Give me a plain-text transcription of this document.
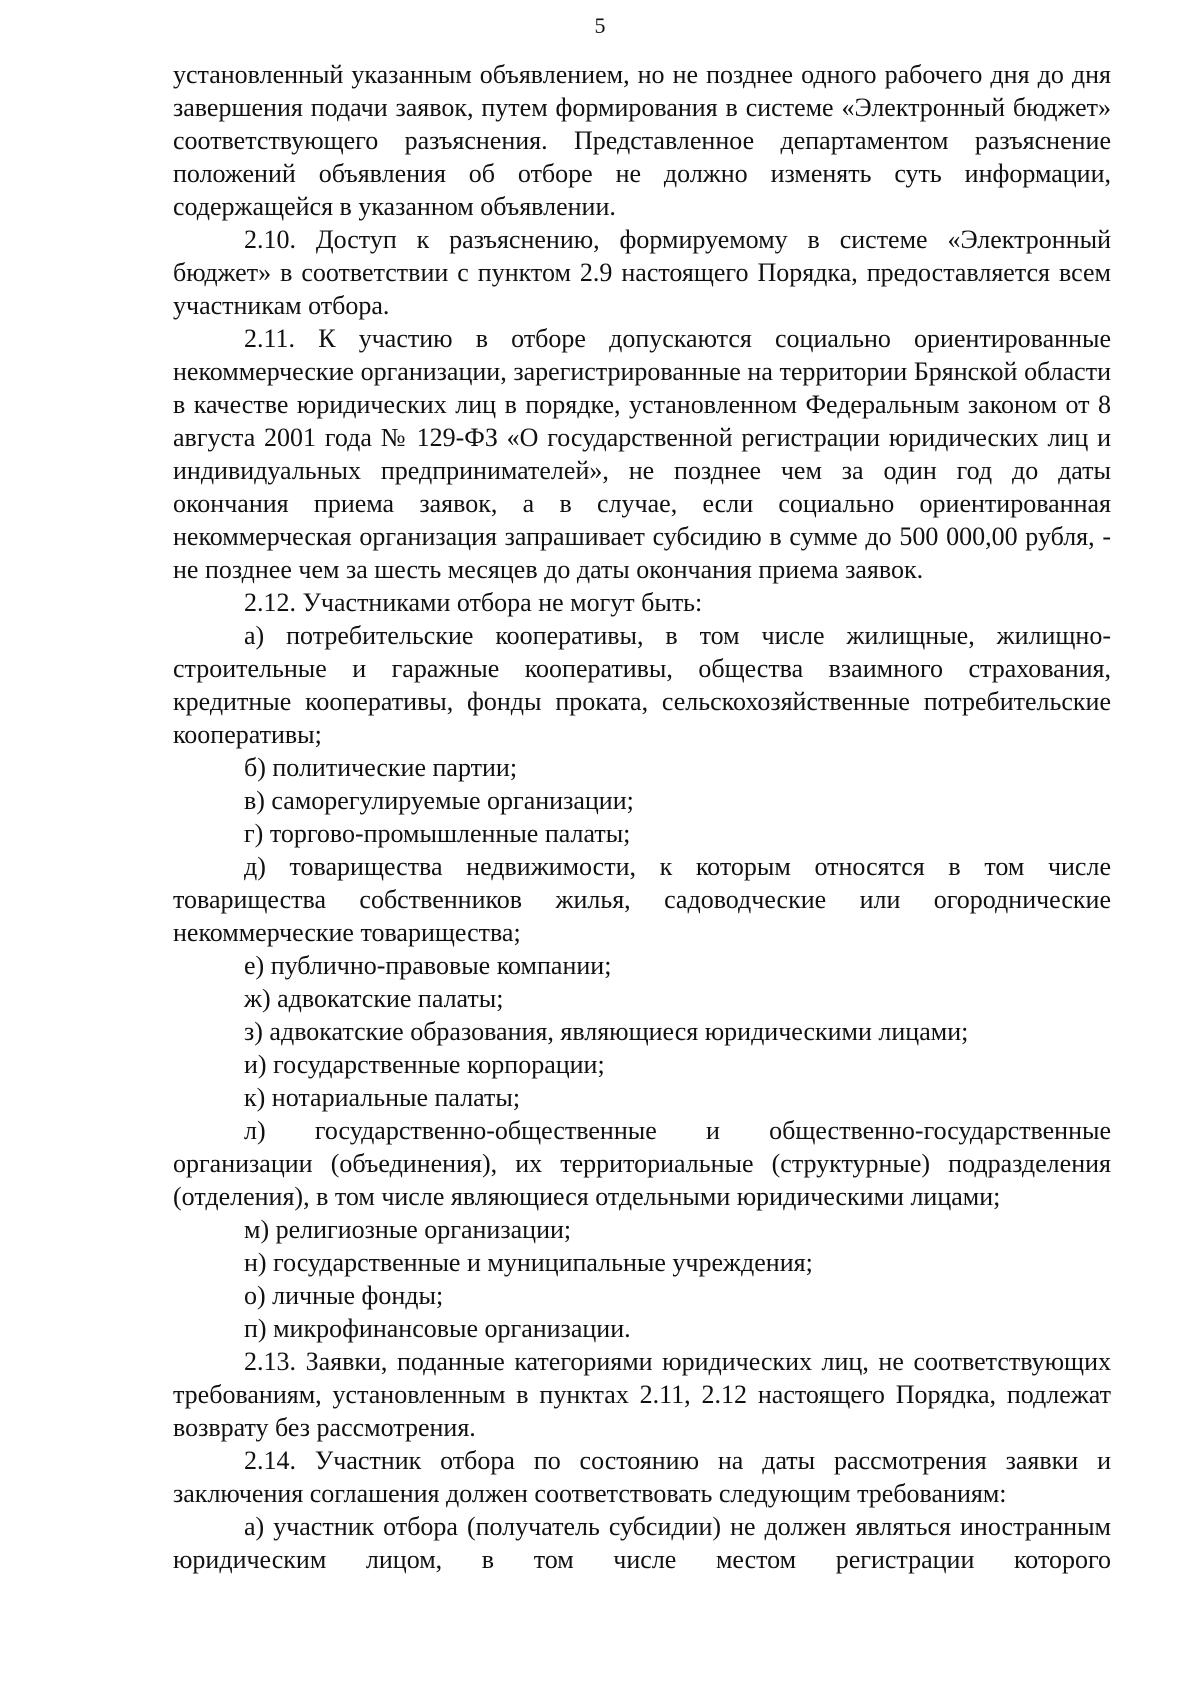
5

установленный указанным объявлением, но не позднее одного рабочего дня до дня завершения подачи заявок, путем формирования в системе «Электронный бюджет» соответствующего разъяснения. Представленное департаментом разъяснение положений объявления об отборе не должно изменять суть информации, содержащейся в указанном объявлении.

2.10. Доступ к разъяснению, формируемому в системе «Электронный бюджет» в соответствии с пунктом 2.9 настоящего Порядка, предоставляется всем участникам отбора.

2.11. К участию в отборе допускаются социально ориентированные некоммерческие организации, зарегистрированные на территории Брянской области в качестве юридических лиц в порядке, установленном Федеральным законом от 8 августа 2001 года № 129-ФЗ «О государственной регистрации юридических лиц и индивидуальных предпринимателей», не позднее чем за один год до даты окончания приема заявок, а в случае, если социально ориентированная некоммерческая организация запрашивает субсидию в сумме до 500 000,00 рубля, - не позднее чем за шесть месяцев до даты окончания приема заявок.

2.12. Участниками отбора не могут быть:

а) потребительские кооперативы, в том числе жилищные, жилищно-строительные и гаражные кооперативы, общества взаимного страхования, кредитные кооперативы, фонды проката, сельскохозяйственные потребительские кооперативы;

б) политические партии;

в) саморегулируемые организации;

г) торгово-промышленные палаты;

д) товарищества недвижимости, к которым относятся в том числе товарищества собственников жилья, садоводческие или огороднические некоммерческие товарищества;

е) публично-правовые компании;

ж) адвокатские палаты;

з) адвокатские образования, являющиеся юридическими лицами;

и) государственные корпорации;

к) нотариальные палаты;

л) государственно-общественные и общественно-государственные организации (объединения), их территориальные (структурные) подразделения (отделения), в том числе являющиеся отдельными юридическими лицами;

м) религиозные организации;

н) государственные и муниципальные учреждения;

о) личные фонды;

п) микрофинансовые организации.

2.13. Заявки, поданные категориями юридических лиц, не соответствующих требованиям, установленным в пунктах 2.11, 2.12 настоящего Порядка, подлежат возврату без рассмотрения.

2.14. Участник отбора по состоянию на даты рассмотрения заявки и заключения соглашения должен соответствовать следующим требованиям:

а) участник отбора (получатель субсидии) не должен являться иностранным юридическим лицом, в том числе местом регистрации которого
